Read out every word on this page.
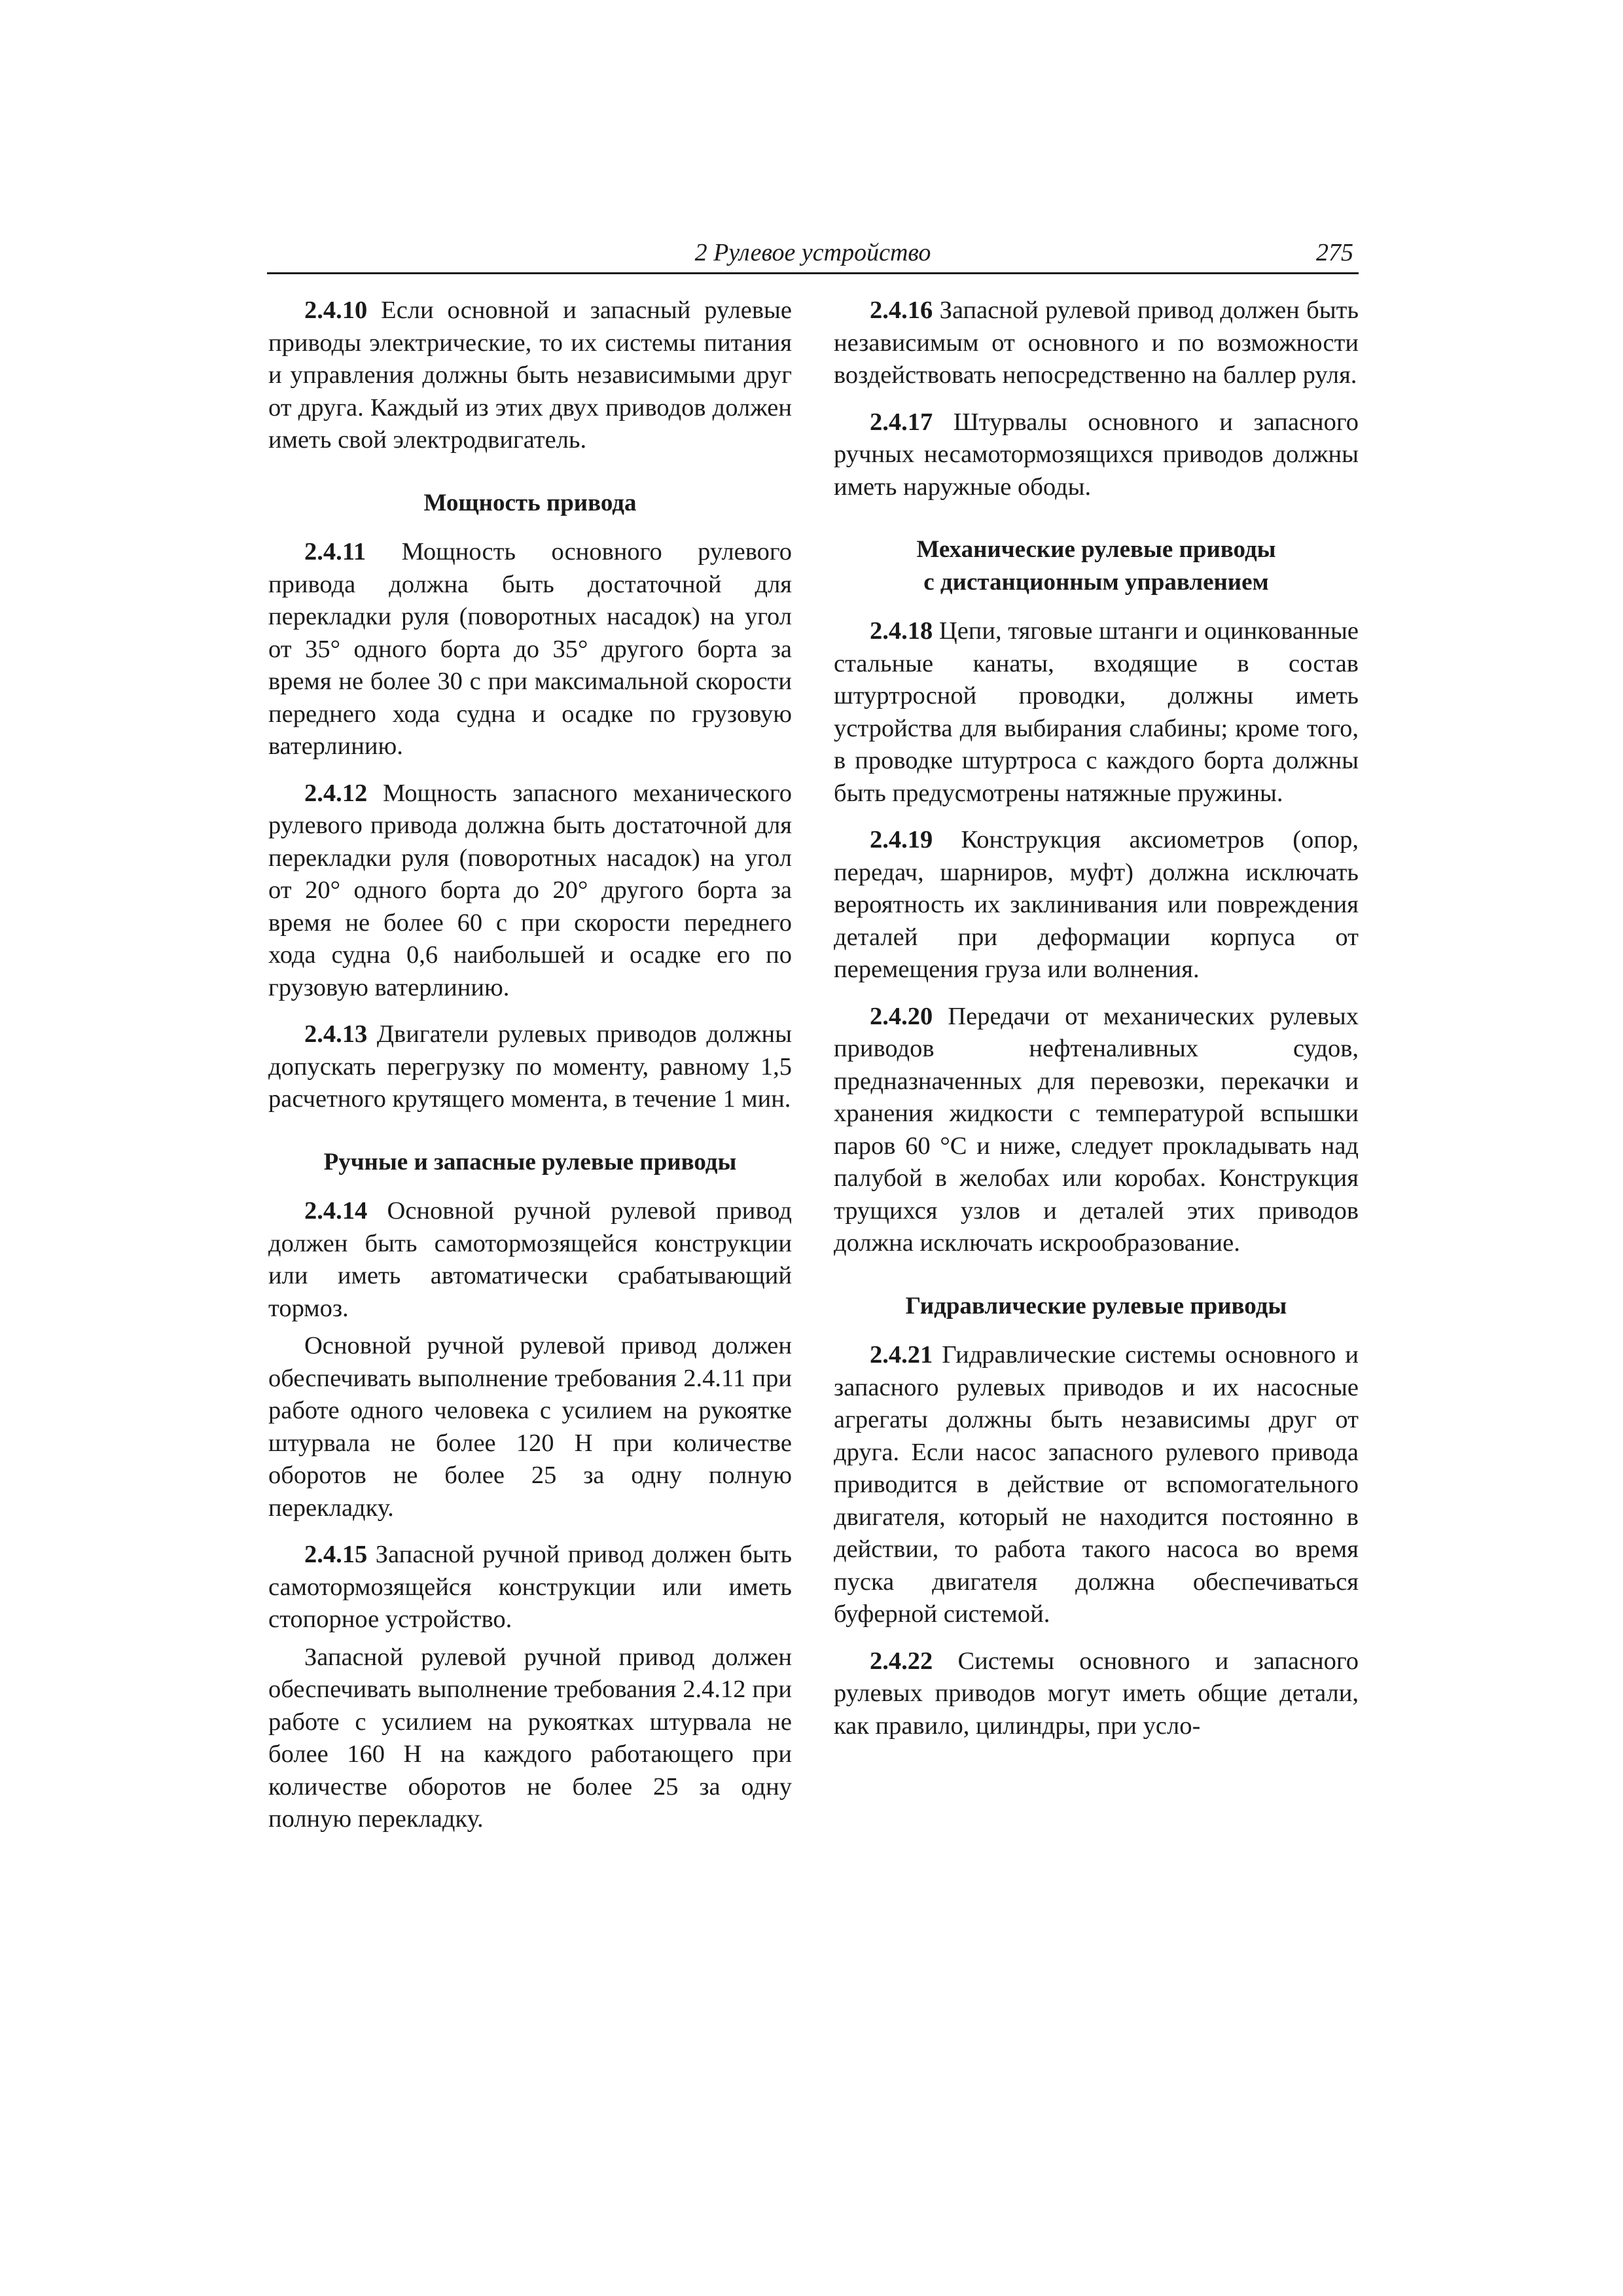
2 Рулевое устройство	275

2.4.10 Если основной и запасный рулевые приводы электрические, то их системы питания и управления должны быть независимыми друг от друга. Каждый из этих двух приводов должен иметь свой электродвигатель.

Мощность привода

2.4.11 Мощность основного рулевого привода должна быть достаточной для перекладки руля (поворотных насадок) на угол от 35° одного борта до 35° другого борта за время не более 30 с при максимальной скорости переднего хода судна и осадке по грузовую ватерлинию.

2.4.12 Мощность запасного механического рулевого привода должна быть достаточной для перекладки руля (поворотных насадок) на угол от 20° одного борта до 20° другого борта за время не более 60 с при скорости переднего хода судна 0,6 наибольшей и осадке его по грузовую ватерлинию.

2.4.13 Двигатели рулевых приводов должны допускать перегрузку по моменту, равному 1,5 расчетного крутящего момента, в течение 1 мин.

Ручные и запасные рулевые приводы

2.4.14 Основной ручной рулевой привод должен быть самотормозящейся конструкции или иметь автоматически срабатывающий тормоз.

Основной ручной рулевой привод должен обеспечивать выполнение требования 2.4.11 при работе одного человека с усилием на рукоятке штурвала не более 120 Н при количестве оборотов не более 25 за одну полную перекладку.

2.4.15 Запасной ручной привод должен быть самотормозящейся конструкции или иметь стопорное устройство.

Запасной рулевой ручной привод должен обеспечивать выполнение требования 2.4.12 при работе с усилием на рукоятках штурвала не более 160 Н на каждого работающего при количестве оборотов не более 25 за одну полную перекладку.

2.4.16 Запасной рулевой привод должен быть независимым от основного и по возможности воздействовать непосредственно на баллер руля.

2.4.17 Штурвалы основного и запасного ручных несамотормозящихся приводов должны иметь наружные ободы.

Механические рулевые приводы
с дистанционным управлением

2.4.18 Цепи, тяговые штанги и оцинкованные стальные канаты, входящие в состав штуртросной проводки, должны иметь устройства для выбирания слабины; кроме того, в проводке штуртроса с каждого борта должны быть предусмотрены натяжные пружины.

2.4.19 Конструкция аксиометров (опор, передач, шарниров, муфт) должна исключать вероятность их заклинивания или повреждения деталей при деформации корпуса от перемещения груза или волнения.

2.4.20 Передачи от механических рулевых приводов нефтеналивных судов, предназначенных для перевозки, перекачки и хранения жидкости с температурой вспышки паров 60 °С и ниже, следует прокладывать над палубой в желобах или коробах. Конструкция трущихся узлов и деталей этих приводов должна исключать искрообразование.

Гидравлические рулевые приводы

2.4.21 Гидравлические системы основного и запасного рулевых приводов и их насосные агрегаты должны быть независимы друг от друга. Если насос запасного рулевого привода приводится в действие от вспомогательного двигателя, который не находится постоянно в действии, то работа такого насоса во время пуска двигателя должна обеспечиваться буферной системой.

2.4.22 Системы основного и запасного рулевых приводов могут иметь общие детали, как правило, цилиндры, при усло-
